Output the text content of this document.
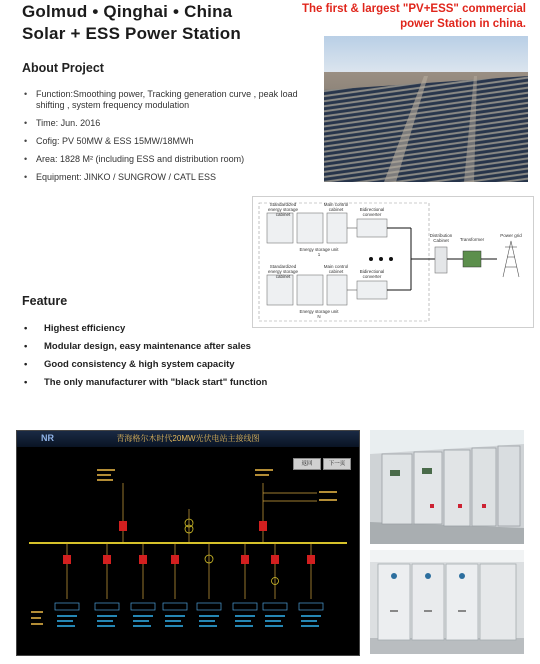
Golmud • Qinghai • China
Solar + ESS Power Station
The first & largest "PV+ESS" commercial
power Station in china.
About Project
• Function:Smoothing power, Tracking generation curve , peak load shifting , system frequency modulation
• Time: Jun. 2016
• Cofig: PV 50MW & ESS 15MW/18MWh
• Area: 1828 M² (including ESS and distribution room)
• Equipment: JINKO / SUNGROW / CATL ESS
Standardized energy storage cabinet
Main control cabinet	Bidirectional converter
Energy storage unit 1
Standardized energy storage cabinet
Main control cabinet	Bidirectional converter
Energy storage unit N
Distribution Cabinet	Transformer
Power grid
Feature
• Highest efficiency
• Modular design, easy maintenance after sales
• Good consistency & high system capacity
• The only manufacturer with "black start" function
NR	青海格尔木时代20MW光伏电站主接线图
返回	下一页
